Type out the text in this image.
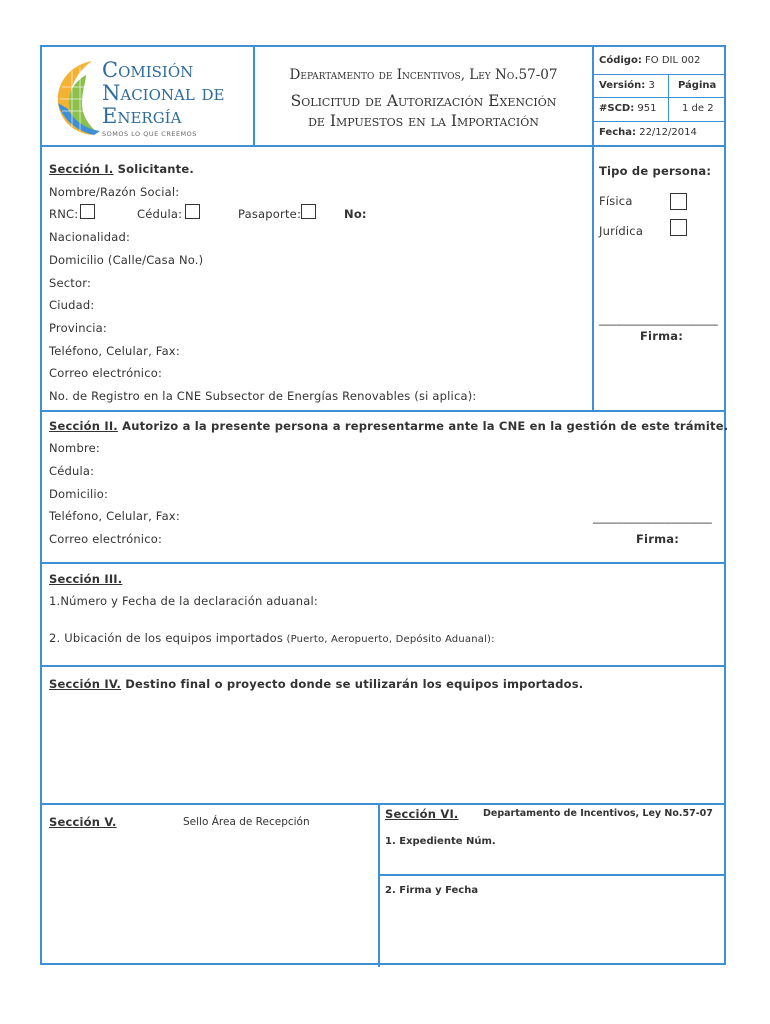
Comisión
Nacional de
Energía
SOMOS LO QUE CREEMOS
Departamento de Incentivos, Ley No.57-07
Solicitud de Autorización Exención
de Impuestos en la Importación
Código: FO DIL 002
Versión: 3 Página
#SCD: 951	1 de 2
Fecha: 22/12/2014
Sección I. Solicitante.
Nombre/Razón Social:
RNC:	Cédula:	Pasaporte:	No:
Nacionalidad:
Domicilio (Calle/Casa No.)
Sector:
Ciudad:
Provincia:
Teléfono, Celular, Fax:
Correo electrónico:
No. de Registro en la CNE Subsector de Energías Renovables (si aplica):
Tipo de persona:
Física
Jurídica
____________________
Firma:
Sección II. Autorizo a la presente persona a representarme ante la CNE en la gestión de este trámite.
Nombre:
Cédula:
Domicilio:
Teléfono, Celular, Fax:
Correo electrónico:
____________________
Firma:
Sección III.
1.Número y Fecha de la declaración aduanal:
2. Ubicación de los equipos importados (Puerto, Aeropuerto, Depósito Aduanal):
Sección IV. Destino final o proyecto donde se utilizarán los equipos importados.
Sección V.	Sello Área de Recepción
Sección VI.	Departamento de Incentivos, Ley No.57-07
1. Expediente Núm.
2. Firma y Fecha
